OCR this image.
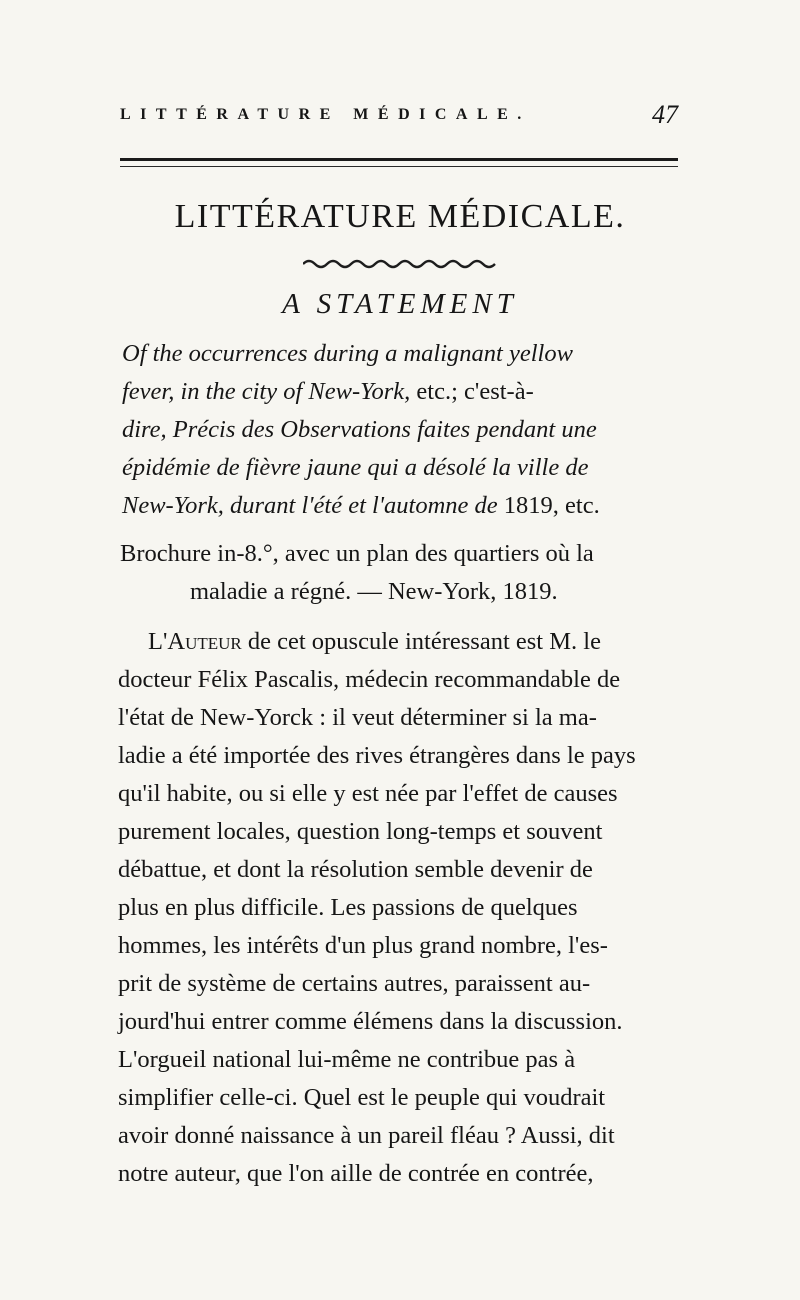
LITTÉRATURE MÉDICALE.	47
LITTÉRATURE MÉDICALE.
A STATEMENT
Of the occurrences during a malignant yellow
fever, in the city of New-York, etc.; c'est-à-
dire, Précis des Observations faites pendant une
épidémie de fièvre jaune qui a désolé la ville de
New-York, durant l'été et l'automne de 1819, etc.
Brochure in-8.°, avec un plan des quartiers où la
maladie a régné. — New-York, 1819.
L'Auteur de cet opuscule intéressant est M. le
docteur Félix Pascalis, médecin recommandable de
l'état de New-Yorck : il veut déterminer si la ma-
ladie a été importée des rives étrangères dans le pays
qu'il habite, ou si elle y est née par l'effet de causes
purement locales, question long-temps et souvent
débattue, et dont la résolution semble devenir de
plus en plus difficile. Les passions de quelques
hommes, les intérêts d'un plus grand nombre, l'es-
prit de système de certains autres, paraissent au-
jourd'hui entrer comme élémens dans la discussion.
L'orgueil national lui-même ne contribue pas à
simplifier celle-ci. Quel est le peuple qui voudrait
avoir donné naissance à un pareil fléau ? Aussi, dit
notre auteur, que l'on aille de contrée en contrée,
